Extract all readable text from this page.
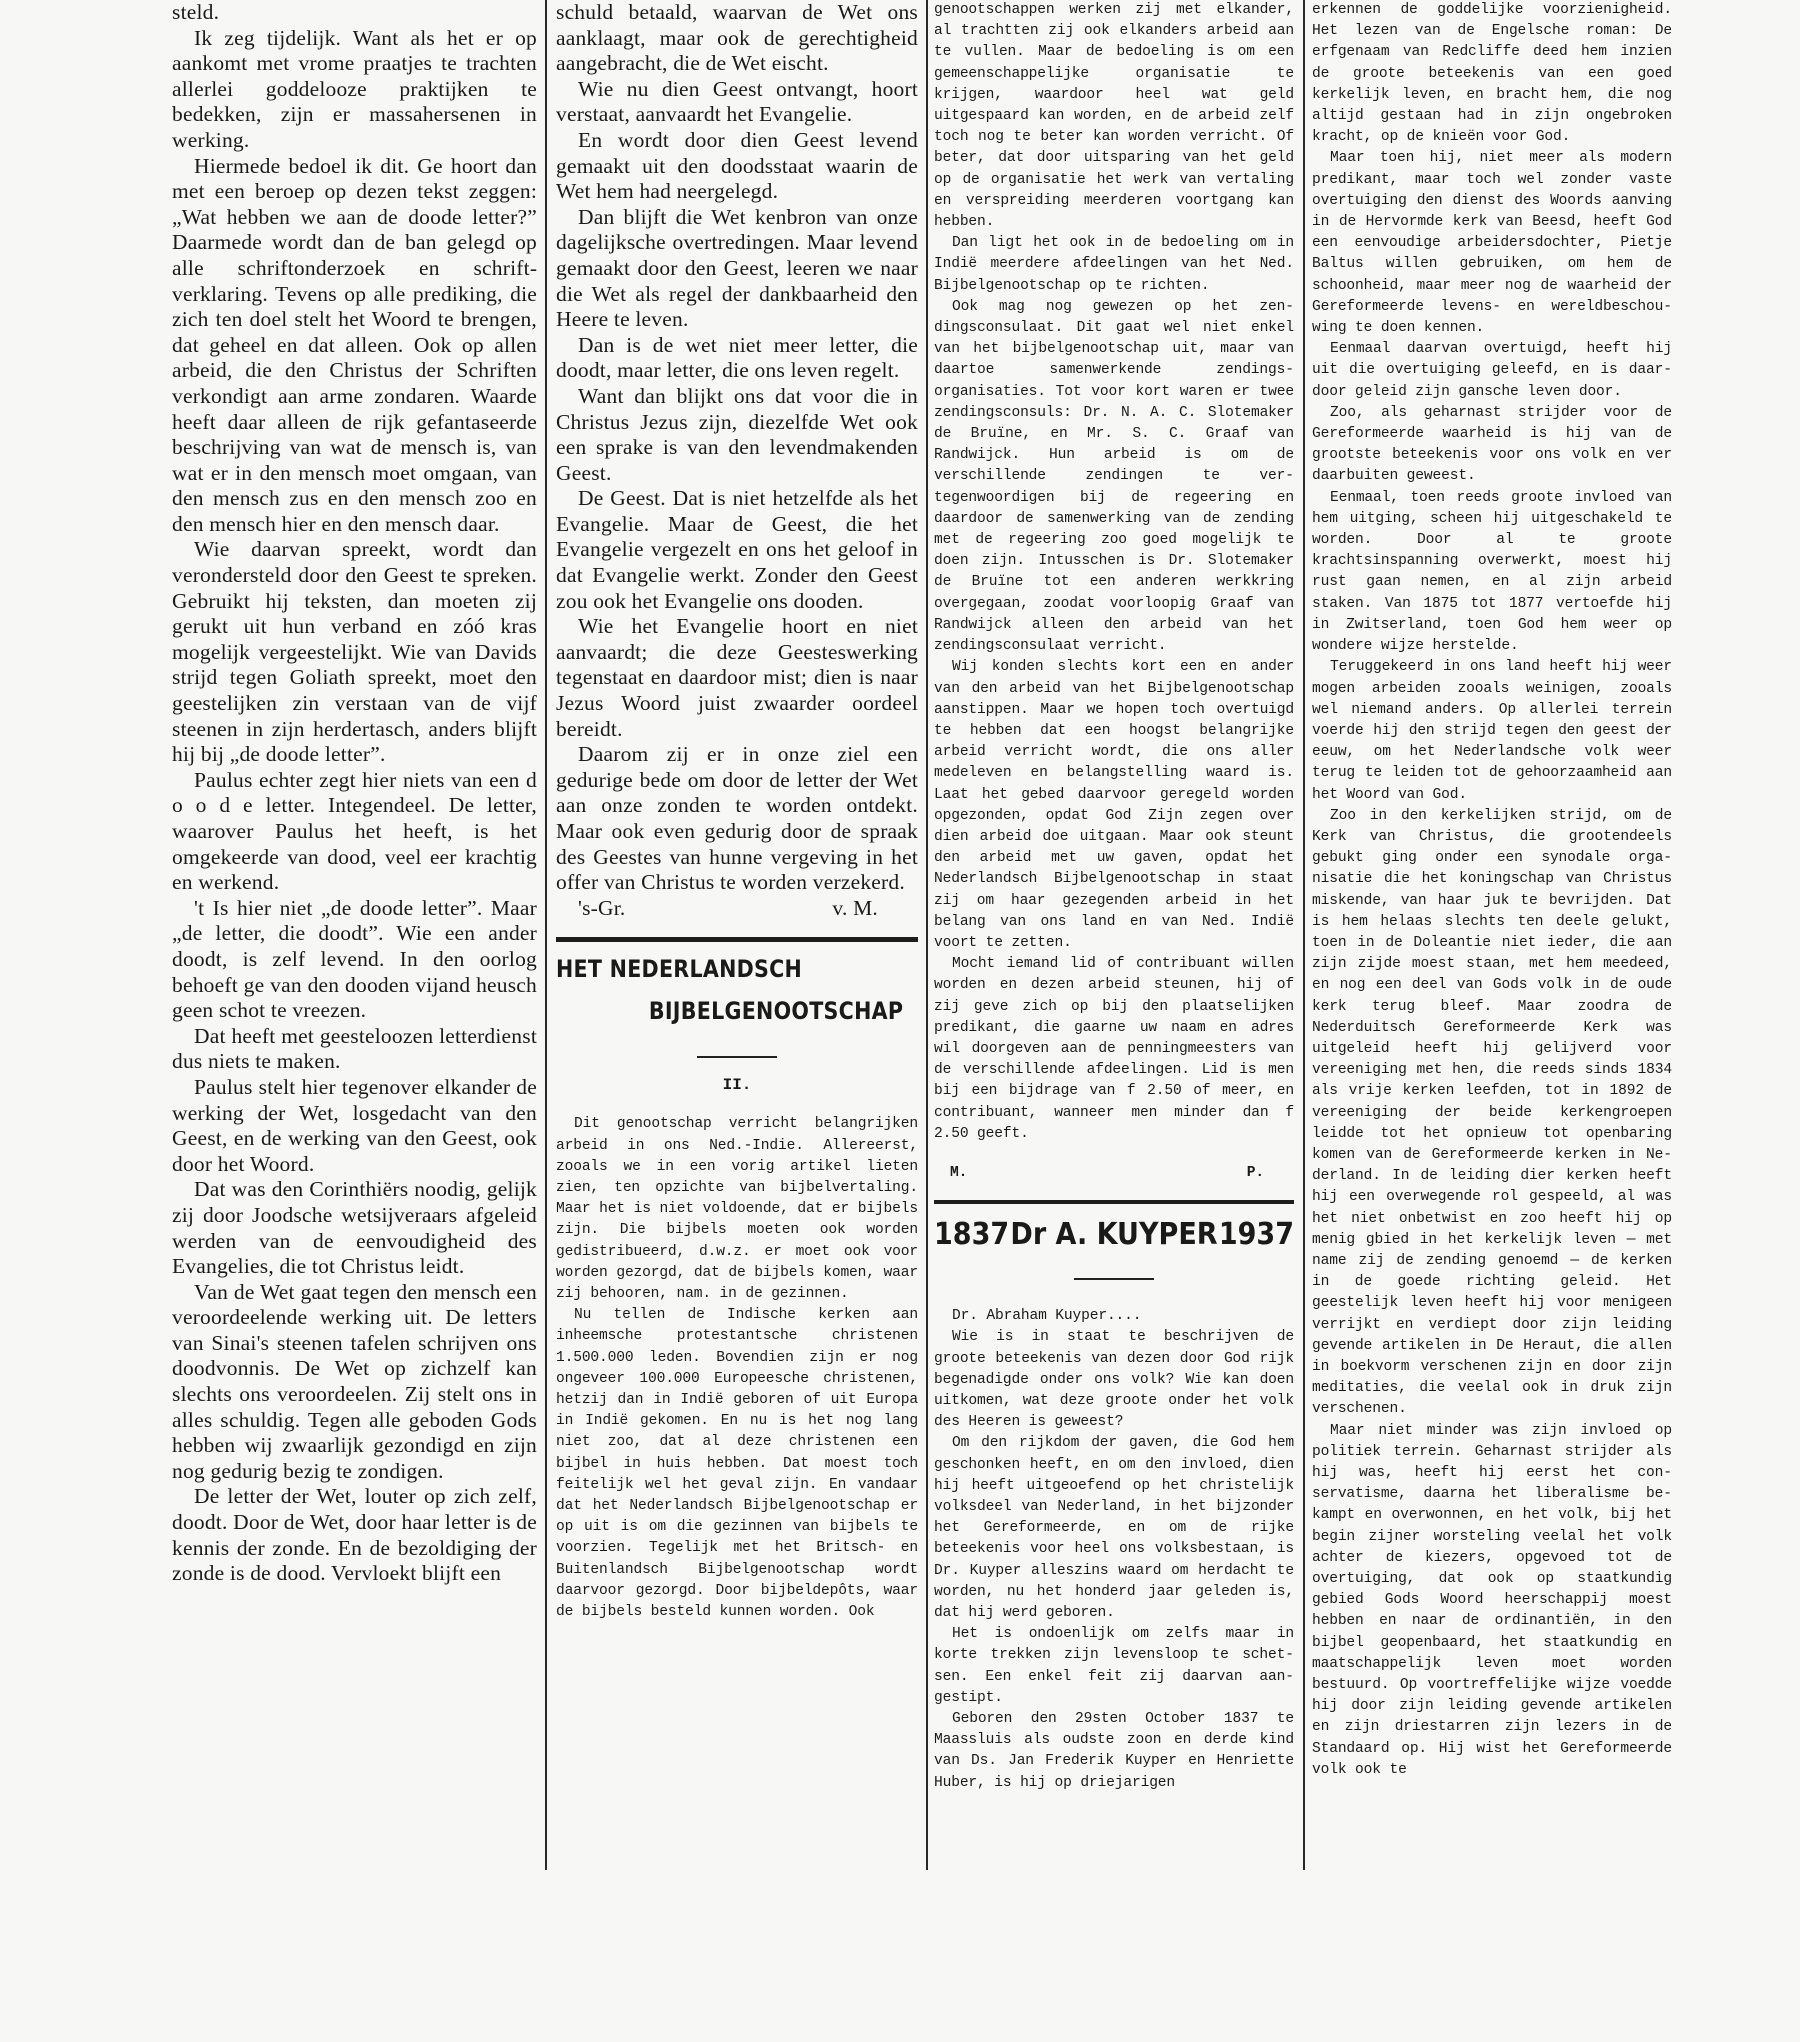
steld.

Ik zeg tijdelijk. Want als het er op aankomt met vrome praatjes te trachten allerlei goddelooze praktijken te bedekken, zijn er massahersenen in werking.

Hiermede bedoel ik dit. Ge hoort dan met een beroep op dezen tekst zeggen: „Wat hebben we aan de doode letter?” Daarmede wordt dan de ban gelegd op alle schriftonderzoek en schriftverklaring. Tevens op alle prediking, die zich ten doel stelt het Woord te brengen, dat geheel en dat alleen. Ook op allen arbeid, die den Christus der Schriften verkondigt aan arme zondaren. Waarde heeft daar alleen de rijk gefantaseerde beschrijving van wat de mensch is, van wat er in den mensch moet omgaan, van den mensch zus en den mensch zoo en den mensch hier en den mensch daar.

Wie daarvan spreekt, wordt dan verondersteld door den Geest te spreken. Gebruikt hij teksten, dan moeten zij gerukt uit hun verband en zóó kras mogelijk vergeestelijkt. Wie van Davids strijd tegen Goliath spreekt, moet den geestelijken zin verstaan van de vijf steenen in zijn herdertasch, anders blijft hij bij „de doode letter”.

Paulus echter zegt hier niets van een d o o d e letter. Integendeel. De letter, waarover Paulus het heeft, is het omgekeerde van dood, veel eer krachtig en werkend.

't Is hier niet „de doode letter”. Maar „de letter, die doodt”. Wie een ander doodt, is zelf levend. In den oorlog behoeft ge van den dooden vijand heusch geen schot te vreezen.

Dat heeft met geesteloozen letterdienst dus niets te maken.

Paulus stelt hier tegenover elkander de werking der Wet, losgedacht van den Geest, en de werking van den Geest, ook door het Woord.

Dat was den Corinthiërs noodig, gelijk zij door Joodsche wetsijveraars afgeleid werden van de eenvoudigheid des Evangelies, die tot Christus leidt.

Van de Wet gaat tegen den mensch een veroordeelende werking uit. De letters van Sinai's steenen tafelen schrijven ons doodvonnis. De Wet op zichzelf kan slechts ons veroordeelen. Zij stelt ons in alles schuldig. Tegen alle geboden Gods hebben wij zwaarlijk gezondigd en zijn nog gedurig bezig te zondigen.

De letter der Wet, louter op zich zelf, doodt. Door de Wet, door haar letter is de kennis der zonde. En de bezoldiging der zonde is de dood. Vervloekt blijft een

schuld betaald, waarvan de Wet ons aanklaagt, maar ook de gerechtigheid aangebracht, die de Wet eischt.

Wie nu dien Geest ontvangt, hoort verstaat, aanvaardt het Evangelie.

En wordt door dien Geest levend gemaakt uit den doodsstaat waarin de Wet hem had neergelegd.

Dan blijft die Wet kenbron van onze dagelijksche overtredingen. Maar levend gemaakt door den Geest, leeren we naar die Wet als regel der dankbaarheid den Heere te leven.

Dan is de wet niet meer letter, die doodt, maar letter, die ons leven regelt.

Want dan blijkt ons dat voor die in Christus Jezus zijn, diezelfde Wet ook een sprake is van den levendmakenden Geest.

De Geest. Dat is niet hetzelfde als het Evangelie. Maar de Geest, die het Evangelie vergezelt en ons het geloof in dat Evangelie werkt. Zonder den Geest zou ook het Evangelie ons dooden.

Wie het Evangelie hoort en niet aanvaardt; die deze Geesteswerking tegenstaat en daardoor mist; dien is naar Jezus Woord juist zwaarder oordeel bereidt.

Daarom zij er in onze ziel een gedurige bede om door de letter der Wet aan onze zonden te worden ontdekt. Maar ook even gedurig door de spraak des Geestes van hunne vergeving in het offer van Christus te worden verzekerd.

's-Gr.	v. M.

HET NEDERLANDSCH
BIJBELGENOOTSCHAP
II.

Dit genootschap verricht belangrijken arbeid in ons Ned.-Indie. Allereerst, zooals we in een vorig artikel lieten zien, ten opzichte van bijbelvertaling. Maar het is niet voldoende, dat er bijbels zijn. Die bijbels moeten ook worden gedistribueerd, d.w.z. er moet ook voor worden gezorgd, dat de bijbels komen, waar zij behooren, nam. in de gezinnen.

Nu tellen de Indische kerken aan inheemsche protestantsche christenen 1.500.000 leden. Bovendien zijn er nog ongeveer 100.000 Europeesche christenen, hetzij dan in Indië geboren of uit Europa in Indië gekomen. En nu is het nog lang niet zoo, dat al deze christenen een bijbel in huis hebben. Dat moest toch feitelijk wel het geval zijn. En vandaar dat het Nederlandsch Bijbelgenootschap er op uit is om die gezinnen van bijbels te voorzien. Tegelijk met het Britsch- en Buitenlandsch Bijbelgenootschap wordt daarvoor gezorgd. Door bijbeldepôts, waar de bijbels besteld kunnen worden. Ook

genootschappen werken zij met elkander, al trachtten zij ook elkanders arbeid aan te vullen. Maar de bedoeling is om een gemeenschappelijke organisatie te krijgen, waardoor heel wat geld uitgespaard kan worden, en de arbeid zelf toch nog te beter kan worden verricht. Of beter, dat door uitsparing van het geld op de organisatie het werk van vertaling en verspreiding meerderen voortgang kan hebben.

Dan ligt het ook in de bedoeling om in Indië meerdere afdeelingen van het Ned. Bijbelgenootschap op te richten.

Ook mag nog gewezen op het zendingsconsulaat. Dit gaat wel niet enkel van het bijbelgenootschap uit, maar van daartoe samenwerkende zendingsorganisaties. Tot voor kort waren er twee zendingsconsuls: Dr. N. A. C. Slotemaker de Bruïne, en Mr. S. C. Graaf van Randwijck. Hun arbeid is om de verschillende zendingen te vertegenwoordigen bij de regeering en daardoor de samenwerking van de zending met de regeering zoo goed mogelijk te doen zijn. Intusschen is Dr. Slotemaker de Bruïne tot een anderen werkkring overgegaan, zoodat voorloopig Graaf van Randwijck alleen den arbeid van het zendingsconsulaat verricht.

Wij konden slechts kort een en ander van den arbeid van het Bijbelgenootschap aanstippen. Maar we hopen toch overtuigd te hebben dat een hoogst belangrijke arbeid verricht wordt, die ons aller medeleven en belangstelling waard is. Laat het gebed daarvoor geregeld worden opgezonden, opdat God Zijn zegen over dien arbeid doe uitgaan. Maar ook steunt den arbeid met uw gaven, opdat het Nederlandsch Bijbelgenootschap in staat zij om haar gezegenden arbeid in het belang van ons land en van Ned. Indië voort te zetten.

Mocht iemand lid of contribuant willen worden en dezen arbeid steunen, hij of zij geve zich op bij den plaatselijken predikant, die gaarne uw naam en adres wil doorgeven aan de penningmeesters van de verschillende afdeelingen. Lid is men bij een bijdrage van f 2.50 of meer, en contribuant, wanneer men minder dan f 2.50 geeft.

M.	P.

1837 Dr A. KUYPER 1937

Dr. Abraham Kuyper....

Wie is in staat te beschrijven de groote beteekenis van dezen door God rijk begenadigde onder ons volk? Wie kan doen uitkomen, wat deze groote onder het volk des Heeren is geweest?

Om den rijkdom der gaven, die God hem geschonken heeft, en om den invloed, dien hij heeft uitgeoefend op het christelijk volksdeel van Nederland, in het bijzonder het Gereformeerde, en om de rijke beteekenis voor heel ons volksbestaan, is Dr. Kuyper alleszins waard om herdacht te worden, nu het honderd jaar geleden is, dat hij werd geboren.

Het is ondoenlijk om zelfs maar in korte trekken zijn levensloop te schetsen. Een enkel feit zij daarvan aangestipt.

Geboren den 29sten October 1837 te Maassluis als oudste zoon en derde kind van Ds. Jan Frederik Kuyper en Henriette Huber, is hij op driejarigen

erkennen de goddelijke voorzienigheid. Het lezen van de Engelsche roman: De erfgenaam van Redcliffe deed hem inzien de groote beteekenis van een goed kerkelijk leven, en bracht hem, die nog altijd gestaan had in zijn ongebroken kracht, op de knieën voor God.

Maar toen hij, niet meer als modern predikant, maar toch wel zonder vaste overtuiging den dienst des Woords aanving in de Hervormde kerk van Beesd, heeft God een eenvoudige arbeidersdochter, Pietje Baltus willen gebruiken, om hem de schoonheid, maar meer nog de waarheid der Gereformeerde levens- en wereldbeschouwing te doen kennen.

Eenmaal daarvan overtuigd, heeft hij uit die overtuiging geleefd, en is daardoor geleid zijn gansche leven door.

Zoo, als geharnast strijder voor de Gereformeerde waarheid is hij van de grootste beteekenis voor ons volk en ver daarbuiten geweest.

Eenmaal, toen reeds groote invloed van hem uitging, scheen hij uitgeschakeld te worden. Door al te groote krachtsinspanning overwerkt, moest hij rust gaan nemen, en al zijn arbeid staken. Van 1875 tot 1877 vertoefde hij in Zwitserland, toen God hem weer op wondere wijze herstelde.

Teruggekeerd in ons land heeft hij weer mogen arbeiden zooals weinigen, zooals wel niemand anders. Op allerlei terrein voerde hij den strijd tegen den geest der eeuw, om het Nederlandsche volk weer terug te leiden tot de gehoorzaamheid aan het Woord van God.

Zoo in den kerkelijken strijd, om de Kerk van Christus, die grootendeels gebukt ging onder een synodale organisatie die het koningschap van Christus miskende, van haar juk te bevrijden. Dat is hem helaas slechts ten deele gelukt, toen in de Doleantie niet ieder, die aan zijn zijde moest staan, met hem meedeed, en nog een deel van Gods volk in de oude kerk terug bleef. Maar zoodra de Nederduitsch Gereformeerde Kerk was uitgeleid heeft hij gelijverd voor vereeniging met hen, die reeds sinds 1834 als vrije kerken leefden, tot in 1892 de vereeniging der beide kerkengroepen leidde tot het opnieuw tot openbaring komen van de Gereformeerde kerken in Nederland. In de leiding dier kerken heeft hij een overwegende rol gespeeld, al was het niet onbetwist en zoo heeft hij op menig gbied in het kerkelijk leven — met name zij de zending genoemd — de kerken in de goede richting geleid. Het geestelijk leven heeft hij voor menigeen verrijkt en verdiept door zijn leiding gevende artikelen in De Heraut, die allen in boekvorm verschenen zijn en door zijn meditaties, die veelal ook in druk zijn verschenen.

Maar niet minder was zijn invloed op politiek terrein. Geharnast strijder als hij was, heeft hij eerst het conservatisme, daarna het liberalisme bekampt en overwonnen, en het volk, bij het begin zijner worsteling veelal het volk achter de kiezers, opgevoed tot de overtuiging, dat ook op staatkundig gebied Gods Woord heerschappij moest hebben en naar de ordinantiën, in den bijbel geopenbaard, het staatkundig en maatschappelijk leven moet worden bestuurd. Op voortreffelijke wijze voedde hij door zijn leiding gevende artikelen en zijn driestarren zijn lezers in de Standaard op. Hij wist het Gereformeerde volk ook te
